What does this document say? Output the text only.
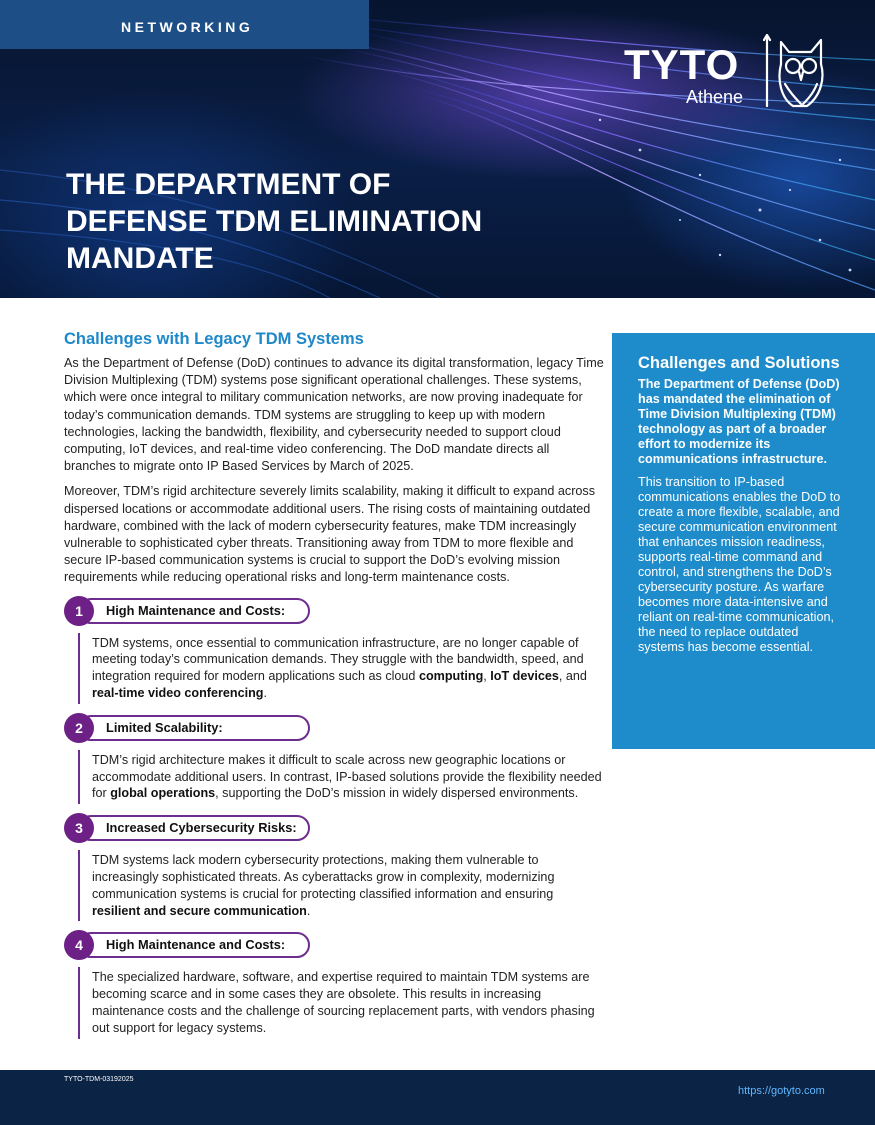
NETWORKING
TYTO
Athene
THE DEPARTMENT OF DEFENSE TDM ELIMINATION MANDATE
Challenges with Legacy TDM Systems

As the Department of Defense (DoD) continues to advance its digital transformation, legacy Time Division Multiplexing (TDM) systems pose significant operational challenges. These systems, which were once integral to military communication networks, are now proving inadequate for today’s communication demands. TDM systems are struggling to keep up with modern technologies, lacking the bandwidth, flexibility, and cybersecurity needed to support cloud computing, IoT devices, and real-time video conferencing. The DoD mandate directs all branches to migrate onto IP Based Services by March of 2025.

Moreover, TDM’s rigid architecture severely limits scalability, making it difficult to expand across dispersed locations or accommodate additional users. The rising costs of maintaining outdated hardware, combined with the lack of modern cybersecurity features, make TDM increasingly vulnerable to sophisticated cyber threats. Transitioning away from TDM to more flexible and secure IP-based communication systems is crucial to support the DoD’s evolving mission requirements while reducing operational risks and long-term maintenance costs.

1	High Maintenance and Costs:
TDM systems, once essential to communication infrastructure, are no longer capable of meeting today’s communication demands. They struggle with the bandwidth, speed, and integration required for modern applications such as cloud computing, IoT devices, and real-time video conferencing.
2	Limited Scalability:
TDM’s rigid architecture makes it difficult to scale across new geographic locations or accommodate additional users. In contrast, IP-based solutions provide the flexibility needed for global operations, supporting the DoD’s mission in widely dispersed environments.
3	Increased Cybersecurity Risks:
TDM systems lack modern cybersecurity protections, making them vulnerable to increasingly sophisticated threats. As cyberattacks grow in complexity, modernizing communication systems is crucial for protecting classified information and ensuring resilient and secure communication.
4	High Maintenance and Costs:
The specialized hardware, software, and expertise required to maintain TDM systems are becoming scarce and in some cases they are obsolete. This results in increasing maintenance costs and the challenge of sourcing replacement parts, with vendors phasing out support for legacy systems.
Challenges and Solutions

The Department of Defense (DoD) has mandated the elimination of Time Division Multiplexing (TDM) technology as part of a broader effort to modernize its communications infrastructure.

This transition to IP-based communications enables the DoD to create a more flexible, scalable, and secure communication environment that enhances mission readiness, supports real-time command and control, and strengthens the DoD’s cybersecurity posture. As warfare becomes more data-intensive and reliant on real-time communication, the need to replace outdated systems has become essential.

TYTO-TDM-03192025
https://gotyto.com
